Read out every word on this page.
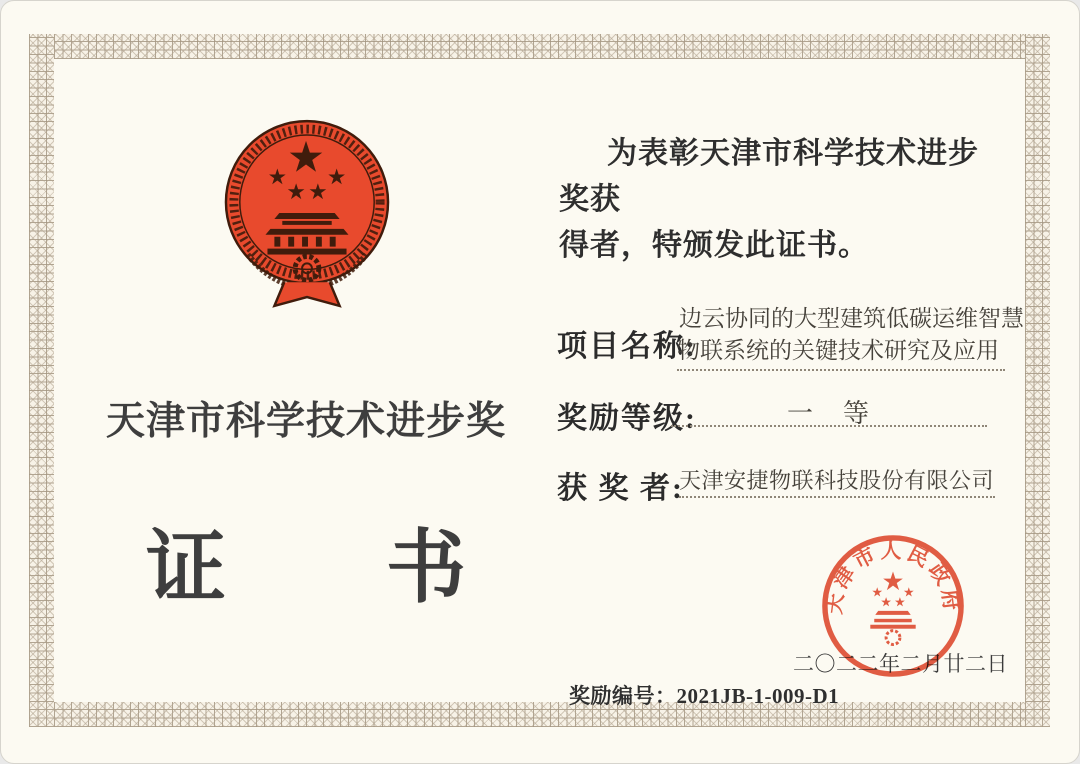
天津市科学技术进步奖
证　　书
为表彰天津市科学技术进步奖获
得者，特颁发此证书。
项目名称:
边云协同的大型建筑低碳运维智慧
物联系统的关键技术研究及应用
奖励等级:	一　等
获 奖 者:
天津安捷物联科技股份有限公司
二〇二二年二月廿二日
奖励编号：2021JB-1-009-D1
天津市人民政府
